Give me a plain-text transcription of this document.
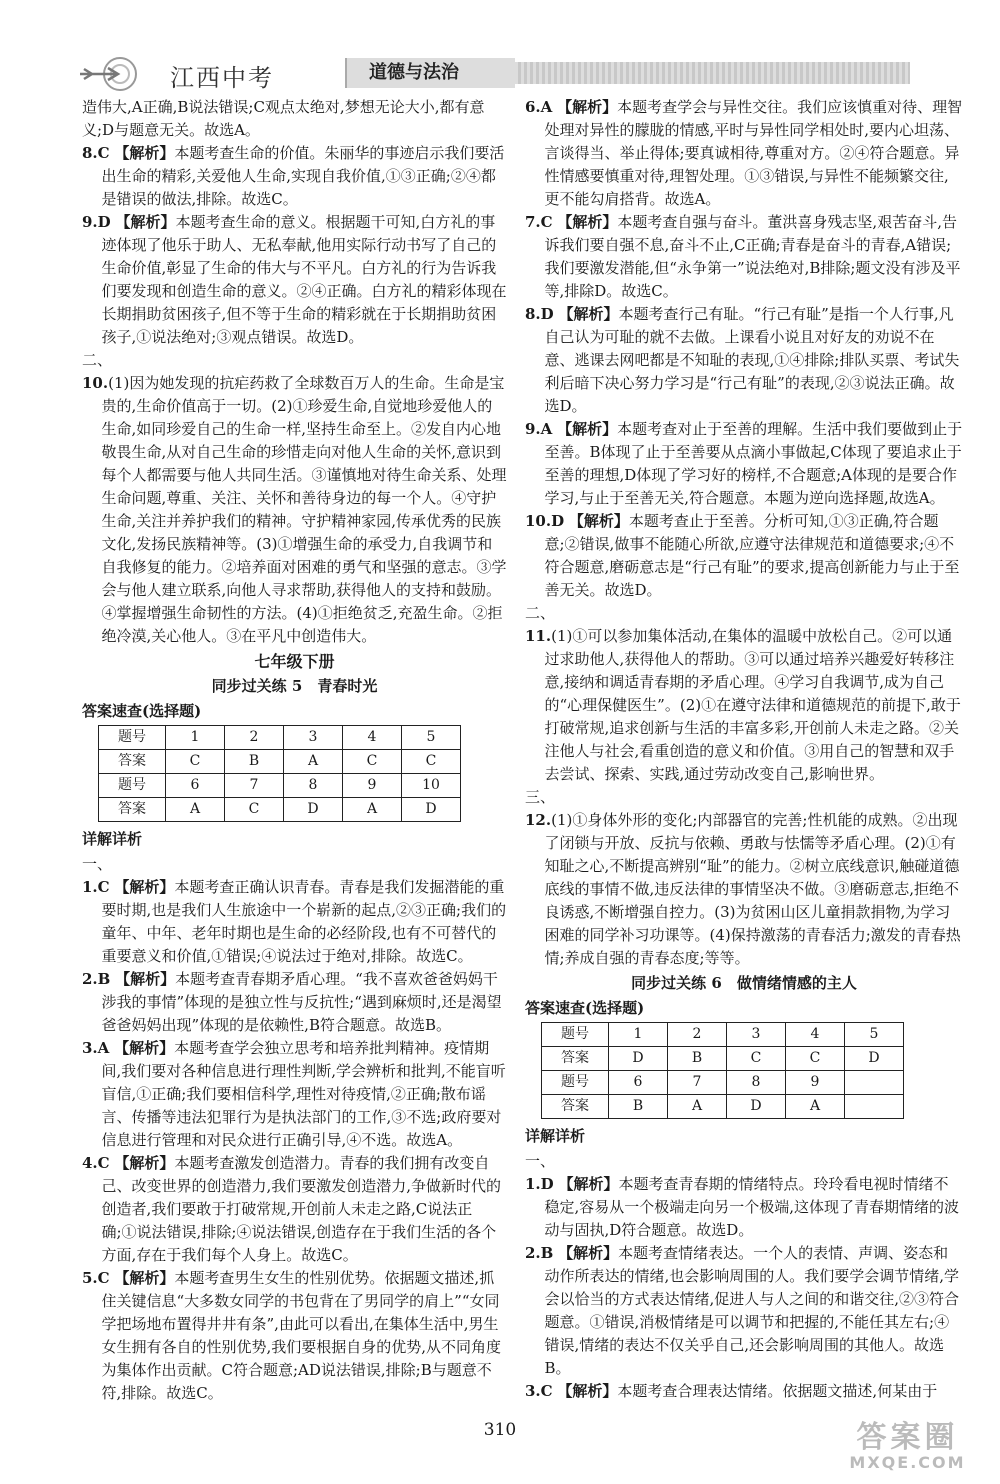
江西中考	道德与法治

造伟大,A正确,B说法错误;C观点太绝对,梦想无论大小,都有意义;D与题意无关。故选A。

8.C 【解析】本题考查生命的价值。朱丽华的事迹启示我们要活出生命的精彩,关爱他人生命,实现自我价值,①③正确;②④都是错误的做法,排除。故选C。

9.D 【解析】本题考查生命的意义。根据题干可知,白方礼的事迹体现了他乐于助人、无私奉献,他用实际行动书写了自己的生命价值,彰显了生命的伟大与不平凡。白方礼的行为告诉我们要发现和创造生命的意义。②④正确。白方礼的精彩体现在长期捐助贫困孩子,但不等于生命的精彩就在于长期捐助贫困孩子,①说法绝对;③观点错误。故选D。

二、

10.(1)因为她发现的抗疟药救了全球数百万人的生命。生命是宝贵的,生命价值高于一切。(2)①珍爱生命,自觉地珍爱他人的生命,如同珍爱自己的生命一样,坚持生命至上。②发自内心地敬畏生命,从对自己生命的珍惜走向对他人生命的关怀,意识到每个人都需要与他人共同生活。③谨慎地对待生命关系、处理生命问题,尊重、关注、关怀和善待身边的每一个人。④守护生命,关注并养护我们的精神。守护精神家园,传承优秀的民族文化,发扬民族精神等。(3)①增强生命的承受力,自我调节和自我修复的能力。②培养面对困难的勇气和坚强的意志。③学会与他人建立联系,向他人寻求帮助,获得他人的支持和鼓励。④掌握增强生命韧性的方法。(4)①拒绝贫乏,充盈生命。②拒绝冷漠,关心他人。③在平凡中创造伟大。

七年级下册
同步过关练 5　青春时光
答案速查(选择题)
题号	1	2	3	4	5
答案	C	B	A	C	C
题号	6	7	8	9	10
答案	A	C	D	A	D
详解详析

一、

1.C 【解析】本题考查正确认识青春。青春是我们发掘潜能的重要时期,也是我们人生旅途中一个崭新的起点,②③正确;我们的童年、中年、老年时期也是生命的必经阶段,也有不可替代的重要意义和价值,①错误;④说法过于绝对,排除。故选C。

2.B 【解析】本题考查青春期矛盾心理。“我不喜欢爸爸妈妈干涉我的事情”体现的是独立性与反抗性;“遇到麻烦时,还是渴望爸爸妈妈出现”体现的是依赖性,B符合题意。故选B。

3.A 【解析】本题考查学会独立思考和培养批判精神。疫情期间,我们要对各种信息进行理性判断,学会辨析和批判,不能盲听盲信,①正确;我们要相信科学,理性对待疫情,②正确;散布谣言、传播等违法犯罪行为是执法部门的工作,③不选;政府要对信息进行管理和对民众进行正确引导,④不选。故选A。

4.C 【解析】本题考查激发创造潜力。青春的我们拥有改变自己、改变世界的创造潜力,我们要激发创造潜力,争做新时代的创造者,我们要敢于打破常规,开创前人未走之路,C说法正确;①说法错误,排除;④说法错误,创造存在于我们生活的各个方面,存在于我们每个人身上。故选C。

5.C 【解析】本题考查男生女生的性别优势。依据题文描述,抓住关键信息“大多数女同学的书包背在了男同学的肩上”“女同学把场地布置得井井有条”,由此可以看出,在集体生活中,男生女生拥有各自的性别优势,我们要根据自身的优势,从不同角度为集体作出贡献。C符合题意;AD说法错误,排除;B与题意不符,排除。故选C。

6.A 【解析】本题考查学会与异性交往。我们应该慎重对待、理智处理对异性的朦胧的情感,平时与异性同学相处时,要内心坦荡、言谈得当、举止得体;要真诚相待,尊重对方。②④符合题意。异性情感要慎重对待,理智处理。①③错误,与异性不能频繁交往,更不能勾肩搭背。故选A。

7.C 【解析】本题考查自强与奋斗。董洪喜身残志坚,艰苦奋斗,告诉我们要自强不息,奋斗不止,C正确;青春是奋斗的青春,A错误;我们要激发潜能,但“永争第一”说法绝对,B排除;题文没有涉及平等,排除D。故选C。

8.D 【解析】本题考查行己有耻。“行己有耻”是指一个人行事,凡自己认为可耻的就不去做。上课看小说且对好友的劝说不在意、逃课去网吧都是不知耻的表现,①④排除;排队买票、考试失利后暗下决心努力学习是“行己有耻”的表现,②③说法正确。故选D。

9.A 【解析】本题考查对止于至善的理解。生活中我们要做到止于至善。B体现了止于至善要从点滴小事做起,C体现了要追求止于至善的理想,D体现了学习好的榜样,不合题意;A体现的是要合作学习,与止于至善无关,符合题意。本题为逆向选择题,故选A。

10.D 【解析】本题考查止于至善。分析可知,①③正确,符合题意;②错误,做事不能随心所欲,应遵守法律规范和道德要求;④不符合题意,磨砺意志是“行己有耻”的要求,提高创新能力与止于至善无关。故选D。

二、

11.(1)①可以参加集体活动,在集体的温暖中放松自己。②可以通过求助他人,获得他人的帮助。③可以通过培养兴趣爱好转移注意,接纳和调适青春期的矛盾心理。④学习自我调节,成为自己的“心理保健医生”。(2)①在遵守法律和道德规范的前提下,敢于打破常规,追求创新与生活的丰富多彩,开创前人未走之路。②关注他人与社会,看重创造的意义和价值。③用自己的智慧和双手去尝试、探索、实践,通过劳动改变自己,影响世界。

三、

12.(1)①身体外形的变化;内部器官的完善;性机能的成熟。②出现了闭锁与开放、反抗与依赖、勇敢与怯懦等矛盾心理。(2)①有知耻之心,不断提高辨别“耻”的能力。②树立底线意识,触碰道德底线的事情不做,违反法律的事情坚决不做。③磨砺意志,拒绝不良诱惑,不断增强自控力。(3)为贫困山区儿童捐款捐物,为学习困难的同学补习功课等。(4)保持激荡的青春活力;激发的青春热情;养成自强的青春态度;等等。

同步过关练 6　做情绪情感的主人
答案速查(选择题)
题号	1	2	3	4	5
答案	D	B	C	C	D
题号	6	7	8	9	
答案	B	A	D	A	
详解详析

一、

1.D 【解析】本题考查青春期的情绪特点。玲玲看电视时情绪不稳定,容易从一个极端走向另一个极端,这体现了青春期情绪的波动与固执,D符合题意。故选D。

2.B 【解析】本题考查情绪表达。一个人的表情、声调、姿态和动作所表达的情绪,也会影响周围的人。我们要学会调节情绪,学会以恰当的方式表达情绪,促进人与人之间的和谐交往,②③符合题意。①错误,消极情绪是可以调节和把握的,不能任其左右;④错误,情绪的表达不仅关乎自己,还会影响周围的其他人。故选B。

3.C 【解析】本题考查合理表达情绪。依据题文描述,何某由于

310	答案圈
MXQE.COM
